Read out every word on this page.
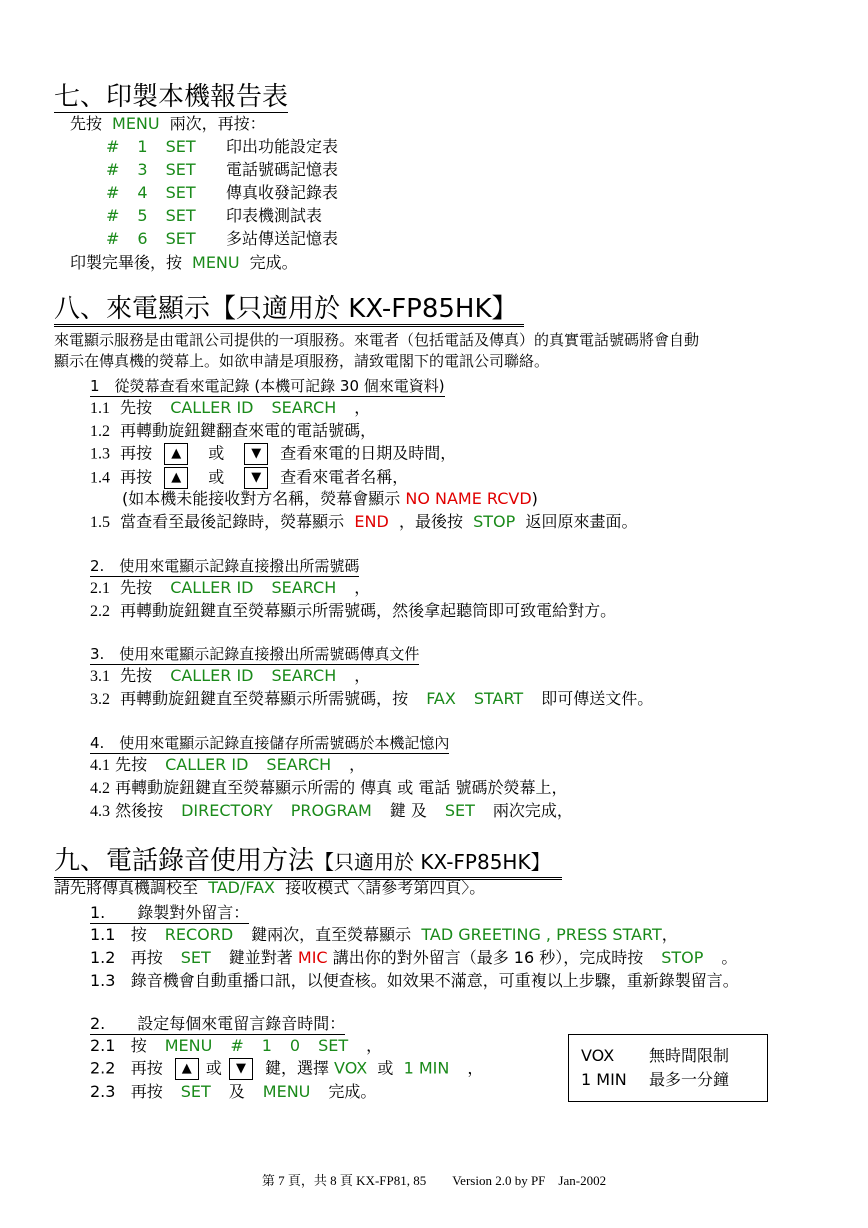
七、印製本機報告表
先按 MENU 兩次，再按：
# 1 SET 印出功能設定表
# 3 SET 電話號碼記憶表
# 4 SET 傳真收發記錄表
# 5 SET 印表機測試表
# 6 SET 多站傳送記憶表
印製完畢後，按 MENU 完成。
八、來電顯示【只適用於 KX-FP85HK】
來電顯示服務是由電訊公司提供的一項服務。來電者（包括電話及傳真）的真實電話號碼將會自動
顯示在傳真機的熒幕上。如欲申請是項服務，請致電閣下的電訊公司聯絡。
1　從熒幕查看來電記錄 (本機可記錄 30 個來電資料)
1.1 先按 CALLER ID SEARCH ，
1.2 再轉動旋鈕鍵翻查來電的電話號碼，
1.3 再按 ▲ 或 ▼ 查看來電的日期及時間，
1.4 再按 ▲ 或 ▼ 查看來電者名稱，
(如本機未能接收對方名稱，熒幕會顯示 NO NAME RCVD)
1.5 當查看至最後記錄時，熒幕顯示 END ，最後按 STOP 返回原來畫面。
2.　使用來電顯示記錄直接撥出所需號碼
2.1 先按 CALLER ID SEARCH ，
2.2 再轉動旋鈕鍵直至熒幕顯示所需號碼，然後拿起聽筒即可致電給對方。
3.　使用來電顯示記錄直接撥出所需號碼傳真文件
3.1 先按 CALLER ID SEARCH ，
3.2 再轉動旋鈕鍵直至熒幕顯示所需號碼，按 FAX START 即可傳送文件。
4.　使用來電顯示記錄直接儲存所需號碼於本機記憶內
4.1 先按 CALLER ID SEARCH ，
4.2 再轉動旋鈕鍵直至熒幕顯示所需的 傳真 或 電話 號碼於熒幕上，
4.3 然後按 DIRECTORY PROGRAM 鍵 及 SET 兩次完成，
九、電話錄音使用方法【只適用於 KX-FP85HK】
請先將傳真機調校至 TAD/FAX 接收模式〈請參考第四頁〉。
1.　　錄製對外留言：
1.1 按 RECORD 鍵兩次，直至熒幕顯示 TAD GREETING , PRESS START，
1.2 再按 SET 鍵並對著 MIC 講出你的對外留言（最多 16 秒），完成時按 STOP 。
1.3 錄音機會自動重播口訊，以便查核。如效果不滿意，可重複以上步驟，重新錄製留言。
2.　　設定每個來電留言錄音時間：
2.1 按 MENU # 1 0 SET ，
2.2 再按 ▲ 或 ▼ 鍵，選擇 VOX 或 1 MIN ，
2.3 再按 SET 及 MENU 完成。
VOX 無時間限制
1 MIN 最多一分鐘
第 7 頁，共 8 頁 KX-FP81, 85　　Version 2.0 by PF　Jan-2002
